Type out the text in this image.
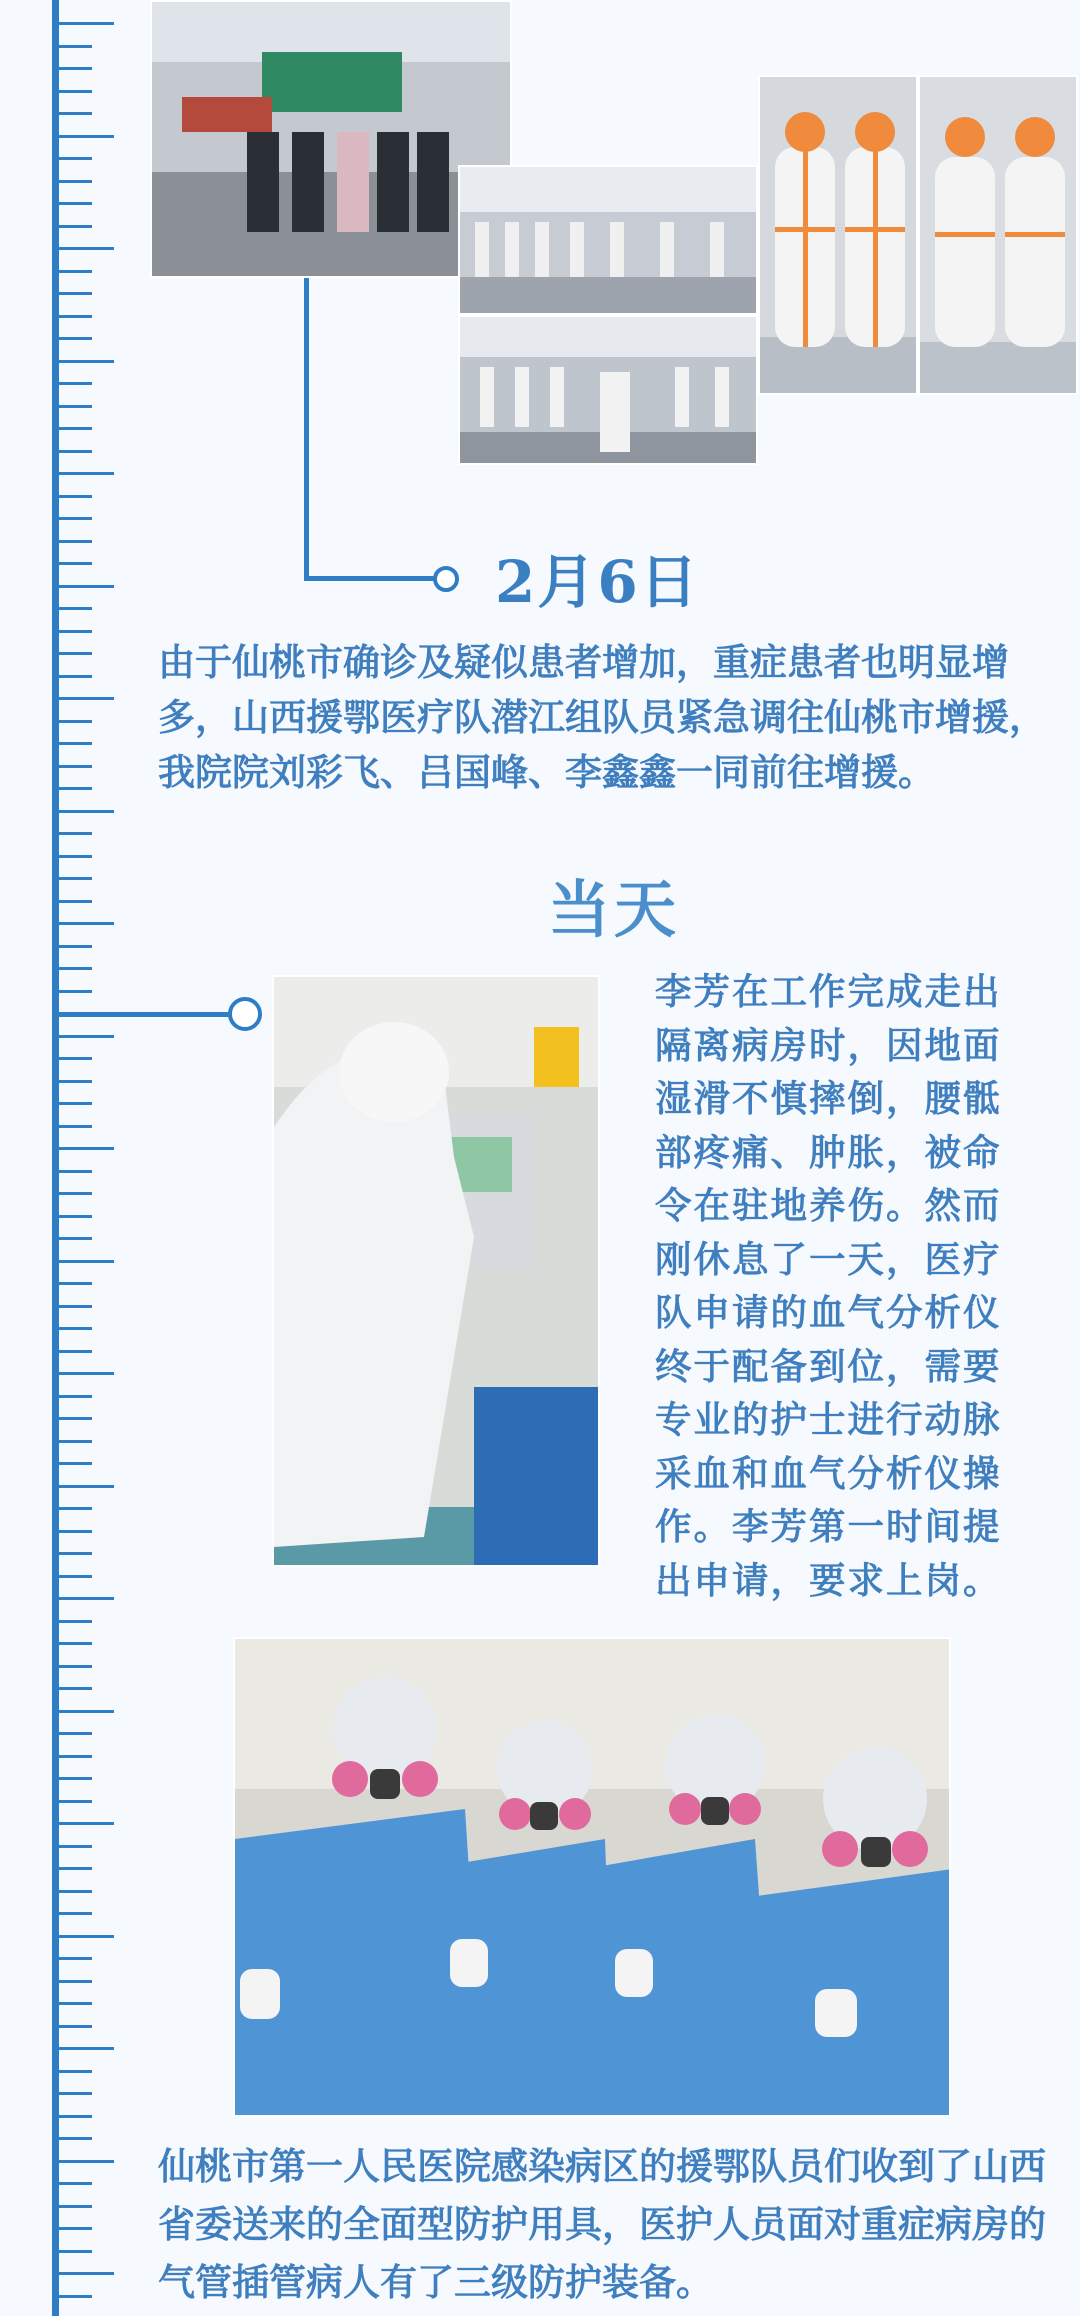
2月6日

由于仙桃市确诊及疑似患者增加，重症患者也明显增多，山西援鄂医疗队潜江组队员紧急调往仙桃市增援，我院院刘彩飞、吕国峰、李鑫鑫一同前往增援。

当天

李芳在工作完成走出隔离病房时，因地面湿滑不慎摔倒，腰骶部疼痛、肿胀，被命令在驻地养伤。然而刚休息了一天，医疗队申请的血气分析仪终于配备到位，需要专业的护士进行动脉采血和血气分析仪操作。李芳第一时间提出申请，要求上岗。

仙桃市第一人民医院感染病区的援鄂队员们收到了山西省委送来的全面型防护用具，医护人员面对重症病房的气管插管病人有了三级防护装备。
